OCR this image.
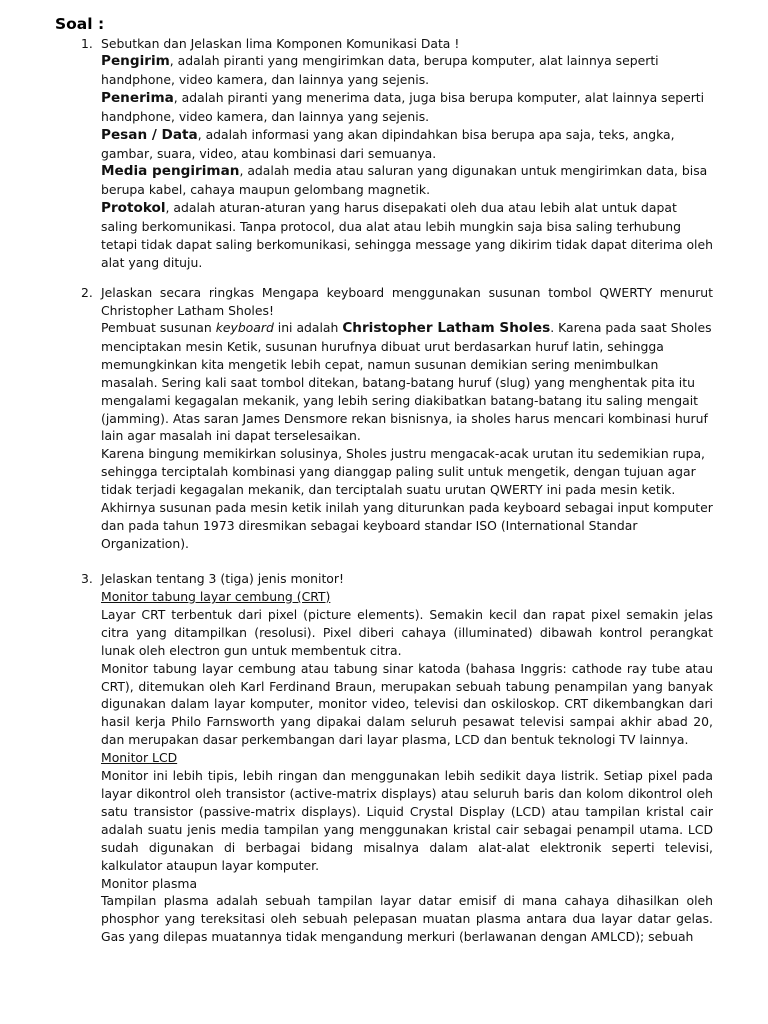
Soal :
1. Sebutkan dan Jelaskan lima Komponen Komunikasi Data !

Pengirim, adalah piranti yang mengirimkan data, berupa komputer, alat lainnya seperti handphone, video kamera, dan lainnya yang sejenis.

Penerima, adalah piranti yang menerima data, juga bisa berupa komputer, alat lainnya seperti handphone, video kamera, dan lainnya yang sejenis.

Pesan / Data, adalah informasi yang akan dipindahkan bisa berupa apa saja, teks, angka, gambar, suara, video, atau kombinasi dari semuanya.

Media pengiriman, adalah media atau saluran yang digunakan untuk mengirimkan data, bisa berupa kabel, cahaya maupun gelombang magnetik.

Protokol, adalah aturan-aturan yang harus disepakati oleh dua atau lebih alat untuk dapat saling berkomunikasi. Tanpa protocol, dua alat atau lebih mungkin saja bisa saling terhubung tetapi tidak dapat saling berkomunikasi, sehingga message yang dikirim tidak dapat diterima oleh alat yang dituju.

2. Jelaskan secara ringkas Mengapa keyboard menggunakan susunan tombol QWERTY menurut Christopher Latham Sholes!

Pembuat susunan keyboard ini adalah Christopher Latham Sholes. Karena pada saat Sholes menciptakan mesin Ketik, susunan hurufnya dibuat urut berdasarkan huruf latin, sehingga memungkinkan kita mengetik lebih cepat, namun susunan demikian sering menimbulkan masalah. Sering kali saat tombol ditekan, batang-batang huruf (slug) yang menghentak pita itu mengalami kegagalan mekanik, yang lebih sering diakibatkan batang-batang itu saling mengait (jamming). Atas saran James Densmore rekan bisnisnya, ia sholes harus mencari kombinasi huruf lain agar masalah ini dapat terselesaikan.

Karena bingung memikirkan solusinya, Sholes justru mengacak-acak urutan itu sedemikian rupa, sehingga terciptalah kombinasi yang dianggap paling sulit untuk mengetik, dengan tujuan agar tidak terjadi kegagalan mekanik, dan terciptalah suatu urutan QWERTY ini pada mesin ketik. Akhirnya susunan pada mesin ketik inilah yang diturunkan pada keyboard sebagai input komputer dan pada tahun 1973 diresmikan sebagai keyboard standar ISO (International Standar Organization).

3. Jelaskan tentang 3 (tiga) jenis monitor!

Monitor tabung layar cembung (CRT)

Layar CRT terbentuk dari pixel (picture elements). Semakin kecil dan rapat pixel semakin jelas citra yang ditampilkan (resolusi). Pixel diberi cahaya (illuminated) dibawah kontrol perangkat lunak oleh electron gun untuk membentuk citra.

Monitor tabung layar cembung atau tabung sinar katoda (bahasa Inggris: cathode ray tube atau CRT), ditemukan oleh Karl Ferdinand Braun, merupakan sebuah tabung penampilan yang banyak digunakan dalam layar komputer, monitor video, televisi dan oskiloskop. CRT dikembangkan dari hasil kerja Philo Farnsworth yang dipakai dalam seluruh pesawat televisi sampai akhir abad 20, dan merupakan dasar perkembangan dari layar plasma, LCD dan bentuk teknologi TV lainnya.

Monitor LCD

Monitor ini lebih tipis, lebih ringan dan menggunakan lebih sedikit daya listrik. Setiap pixel pada layar dikontrol oleh transistor (active-matrix displays) atau seluruh baris dan kolom dikontrol oleh satu transistor (passive-matrix displays). Liquid Crystal Display (LCD) atau tampilan kristal cair adalah suatu jenis media tampilan yang menggunakan kristal cair sebagai penampil utama. LCD sudah digunakan di berbagai bidang misalnya dalam alat-alat elektronik seperti televisi, kalkulator ataupun layar komputer.

Monitor plasma

Tampilan plasma adalah sebuah tampilan layar datar emisif di mana cahaya dihasilkan oleh phosphor yang tereksitasi oleh sebuah pelepasan muatan plasma antara dua layar datar gelas. Gas yang dilepas muatannya tidak mengandung merkuri (berlawanan dengan AMLCD); sebuah
